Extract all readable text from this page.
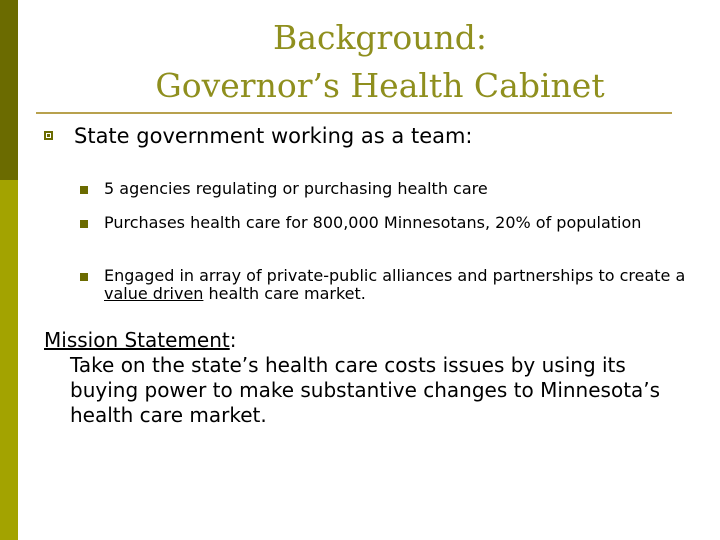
Background:
Governor’s Health Cabinet
State government working as a team:
5 agencies regulating or purchasing health care
Purchases health care for 800,000 Minnesotans, 20% of population
Engaged in array of private-public alliances and partnerships to create a value driven health care market.
Mission Statement:
Take on the state’s health care costs issues by using its buying power to make substantive changes to Minnesota’s health care market.
